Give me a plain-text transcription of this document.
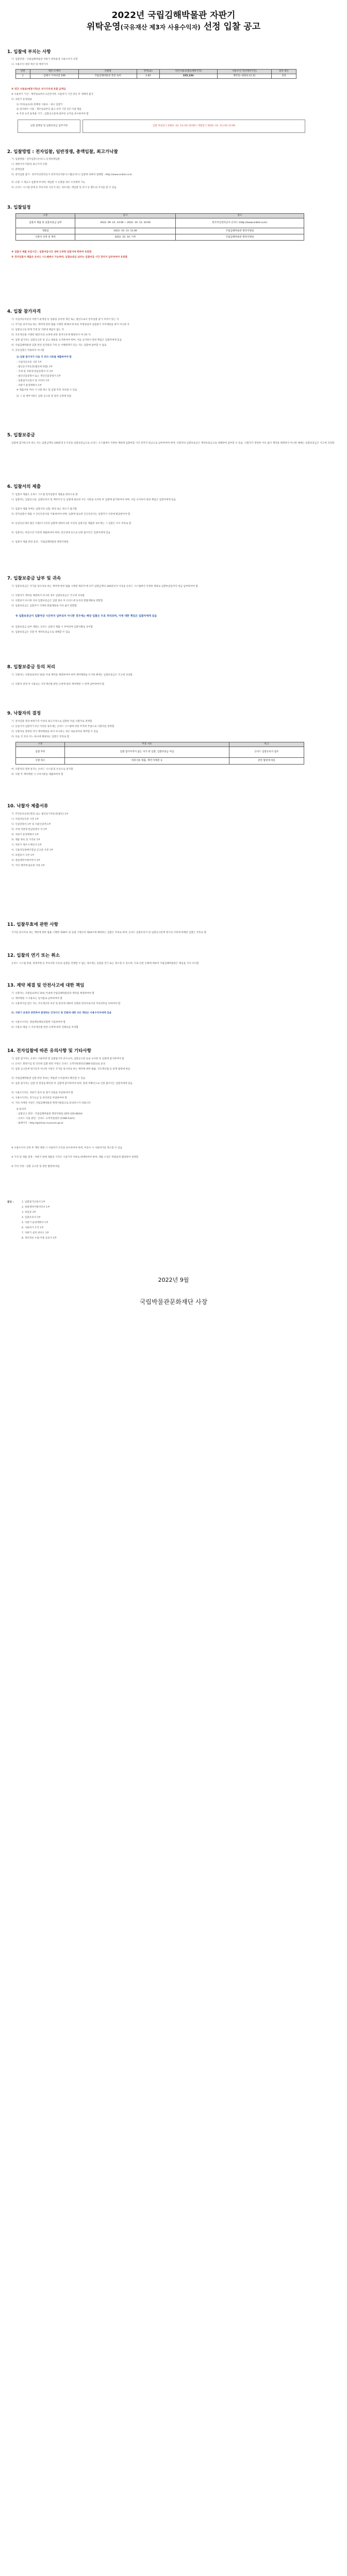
2022년 국립김해박물관 자판기
위탁운영(국유재산 제3자 사용수익자) 선정 입찰 공고
1. 입찰에 부치는 사항
가. 입찰건명 : 국립김해박물관 자판기 위탁운영 사용수익자 선정
나. 사용수익 대상 재산 및 예정가격
연번	재산 소재지	건물명	면적(㎡)	연간사용료(원)(예정가격)	사용수익기간(계약기간)	설치 대수
1	김해시 가야의길 190	국립김해박물관 본관 로비	2.82	325,236	계약일~2023.12.31	2대
※ 연간 사용료(예정가격)은 부가가치세 포함 금액임
※ 사용허가 기간 : 계약일로부터 1년간이며, 사용허가 기간 만료 후 재계약 불가
다. 자판기 운영내용
1) 커피(음료)류 판매의 사용료 : 최고 입찰가
2) 설치대수 사용 : 제조일로부터 출고 년차 기준 3년 이내 제품
※ 지정 규격 운영용 기기 : 입찰공고문에 첨부된 규격을 준수하여야 함
입찰 집행일 및 입찰보증금 납부기한	입찰 마감일시 2022. 10. 13.(목) 10:00 / 개찰일시 2022. 10. 13.(목) 11:00
2. 입찰방법 : 전자입찰, 일반경쟁, 총액입찰, 최고가낙찰
가. 입찰방법 : 전자입찰 [온비드] 공개경쟁입찰
나. 예정가격 미만의 최고가격 낙찰
다. 총액입찰
라. 전자입찰 참가 : 한국자산관리공사 전자자산처분시스템(온비드) 입찰에 의하여 집행함 : http://www.onbid.co.kr
마. 유찰 시 재공고 입찰에 부치며, 재입찰 시 유찰될 경우 수의계약 가능
바. 온비드 시스템 장애 등 부득이한 사유가 있는 경우에는 재입찰 및 연기 등 별도의 조치를 할 수 있음
3. 입찰일정
구분	일시	장소
입찰서 제출 및 입찰보증금 납부	2022. 09. 23. 14:00 ~ 2022. 10. 13. 10:00	한국자산관리공사 온비드 (http://www.onbid.co.kr)
개찰일	2022. 10. 13. 11:00	국립김해박물관 행정지원팀
낙찰자 선정 및 계약	2022. 10. 14. 이후	국립김해박물관 행정지원팀
※ 입찰서 제출 마감시간 : 입찰마감시간 내에 도착한 입찰서에 한하여 유효함
※ 전자입찰서 제출은 온비드 시스템에서 가능하며, 입찰보증금 납부는 입찰마감 시간 전까지 납부하여야 유효함
4. 입찰 참가자격
가. 사업자등록증상 자판기 운영업 등 업종을 등록한 개인 또는 법인으로서 전자입찰 참가 자격이 있는 자
나. 국가를 당사자로 하는 계약에 관한 법률 시행령 제76조에 따른 부정당업자 입찰참가 자격제한을 받지 아니한 자
다. 입찰공고일 현재 국세 및 지방세 체납이 없는 자
라. 국유재산법 시행령 제27조의 규정에 의한 결격사유에 해당하지 아니한 자
마. 입찰 참가자는 입찰공고문 및 공고 내용을 숙지하여야 하며, 이를 숙지하지 못한 책임은 입찰자에게 있음
바. 국립김해박물관 입찰 관련 임직원의 가족 등 이해관계가 있는 자는 입찰에 참여할 수 없음
사. 공동입찰은 허용하지 아니함
1) 입찰 참가자가 다음 각 호의 서류를 제출하여야 함
- 사업자등록증 사본 1부
- 법인등기부등본(법인에 한함) 1부
- 국세 및 지방세 완납증명서 각 1부
- 법인인감증명서 또는 개인인감증명서 1부
- 입찰참가신청서 및 서약서 1부
- 자판기 운영계획서 1부
※ 제출서류 미비 시 낙찰 취소 및 입찰 무효 처리될 수 있음
2) 그 외 세부사항은 입찰 공고문 및 관련 규정에 따름
5. 입찰보증금
입찰에 참가하고자 하는 자는 입찰금액의 100분의 5 이상을 입찰보증금으로 온비드 시스템에서 지정한 계좌에 입찰마감 시간 전까지 현금으로 납부하여야 하며, 낙찰자의 입찰보증금은 계약보증금으로 대체하여 납부할 수 있음. 낙찰자가 정당한 이유 없이 계약을 체결하지 아니한 때에는 입찰보증금은 국고에 귀속함
6. 입찰서의 제출
가. 입찰서 제출은 온비드 시스템 전자입찰서 제출을 원칙으로 함
나. 입찰자는 입찰공고문, 입찰유의서 및 계약조건 등 입찰에 필요한 모든 사항을 숙지한 후 입찰에 참가하여야 하며, 이를 숙지하지 못한 책임은 입찰자에게 있음
다. 입찰서 제출 후에는 입찰서의 교환, 변경 또는 취소가 불가함
라. 전자입찰서 제출 시 공인인증서를 이용하여야 하며, 입찰에 필요한 공인인증서는 입찰자가 사전에 발급받아야 함
마. 동일인(1개의 법인 포함)이 1건의 입찰에 대하여 2통 이상의 입찰서를 제출한 경우에는 그 입찰은 모두 무효로 함
바. 입찰서는 마감시간 이전에 제출하여야 하며, 전산장애 등으로 인한 불이익은 입찰자에게 있음
사. 입찰서 제출 관련 문의 : 국립김해박물관 행정지원팀
7. 입찰보증금 납부 및 귀속
가. 입찰보증금은 국가를 당사자로 하는 계약에 관한 법률 시행령 제37조에 의거 입찰금액의 100분의 5 이상을 온비드 시스템에서 지정한 계좌로 입찰마감일까지 현금 납부하여야 함
나. 낙찰자가 계약을 체결하지 아니한 경우 입찰보증금은 국고에 귀속함
다. 낙찰되지 아니한 자의 입찰보증금은 입찰 종료 후 온비드에 등록된 환불계좌로 반환함
라. 입찰보증금은 입찰자가 지정한 환불계좌로 이자 없이 반환함
※ 입찰보증금이 입찰마감 시간까지 납부되지 아니한 경우에는 해당 입찰은 무효 처리되며, 이에 대한 책임은 입찰자에게 있음
마. 입찰보증금 납부 계좌는 온비드 입찰서 제출 시 부여되며 입찰자별로 상이함
바. 입찰보증금은 낙찰 후 계약보증금으로 대체할 수 있음
8. 입찰보증금 등의 처리
가. 낙찰자는 낙찰일로부터 10일 이내 계약을 체결하여야 하며 계약체결을 포기한 때에는 입찰보증금은 국고에 귀속함
나. 낙찰자 결정 후 사용료는 국유재산법 관련 규정에 따라 계약체결 시 전액 납부하여야 함
9. 낙찰자의 결정
가. 전자입찰 결과 예정가격 이상의 최고가격으로 입찰한 자를 낙찰자로 결정함
나. 동일가격 입찰자가 2인 이상일 경우에는 온비드 시스템에 의한 무작위 추첨으로 낙찰자를 결정함
다. 낙찰자로 결정된 자가 계약체결을 하지 아니하는 경우 차순위자와 계약할 수 있음
라. 다음 각 호의 어느 하나에 해당하는 입찰은 무효로 함
구분	무효 사유	비고
입찰 무효	입찰 참가자격이 없는 자가 한 입찰, 입찰보증금 미납	온비드 입찰유의서 참조
낙찰 취소	허위서류 제출, 계약 미체결 등	관련 법령에 따름
마. 낙찰자의 결정 통지는 온비드 시스템 및 유선으로 통지함
바. 낙찰 후 계약체결 시 구비서류를 제출하여야 함
10. 낙찰자 제출서류
가. 주민등록등본(개인) 또는 법인등기부등본(법인) 1부
나. 사업자등록증 사본 1부
다. 인감증명서 1부 및 사용인감계 1부
라. 국세·지방세 완납증명서 각 1부
마. 자판기 운영계획서 1부
바. 제품 목록 및 가격표 1부
사. 자판기 제조사 확인서 1부
아. 식품자동판매기영업 신고증 사본 1부
자. 보험증서 사본 1부
차. 청렴계약이행서약서 1부
카. 기타 계약에 필요한 서류 1부
11. 입찰무효에 관한 사항
국가를 당사자로 하는 계약에 관한 법률 시행령 제39조 및 동법 시행규칙 제44조에 해당하는 입찰은 무효로 하며, 온비드 입찰유의서 및 입찰공고문에 명시된 사항에 위배된 입찰은 무효로 함
12. 입찰의 연기 또는 취소
온비드 시스템 장애, 천재지변 등 부득이한 사유로 입찰을 진행할 수 없는 경우에는 입찰을 연기 또는 취소할 수 있으며, 이로 인한 손해에 대하여 국립김해박물관은 책임을 지지 아니함
13. 계약 체결 및 안전사고에 대한 책임
가. 낙찰자는 낙찰일로부터 10일 이내에 국립김해박물관과 계약을 체결하여야 함
나. 계약체결 시 사용료는 일시불로 납부하여야 함
다. 사용허가를 받은 자는 국유재산의 보존 및 관리에 대하여 선량한 관리자로서의 주의의무를 다하여야 함
라. 자판기 운영과 관련하여 발생하는 안전사고 및 민원에 대한 모든 책임은 사용수익자에게 있음
마. 사용수익자는 영업배상책임보험에 가입하여야 함
바. 사용료 체납 시 국유재산법 관련 규정에 따라 연체료를 부과함
14. 전자입찰에 따른 유의사항 및 기타사항
가. 입찰 참가자는 온비드 이용약관 및 입찰참가자 준수규칙, 입찰공고문 등을 숙지한 후 입찰에 참가하여야 함
나. 온비드 회원가입 및 인터넷 입찰 관련 사항은 온비드 고객지원센터(1588-5321)로 문의
다. 입찰 공고문에 명시되지 아니한 사항은 국가를 당사자로 하는 계약에 관한 법률, 국유재산법 등 관계 법령에 따름
라. 국립김해박물관 입찰 관련 정보는 박물관 누리집에서 확인할 수 있음
마. 입찰 참가자는 입찰 전 현장을 확인한 후 입찰에 참가하여야 하며, 현장 미확인으로 인한 불이익은 입찰자에게 있음
바. 사용수익자는 자판기 설치 및 철거 비용을 부담하여야 함
사. 사용수익자는 전기요금 등 관리비를 부담하여야 함
아. 기타 자세한 사항은 국립김해박물관 행정지원팀으로 문의하시기 바랍니다
※ 문의처
- 입찰공고 관련 : 국립김해박물관 행정지원팀 (055-320-6834)
- 온비드 이용 관련 : 온비드 고객지원센터 (1588-5321)
- 홈페이지 : http://gimhae.museum.go.kr
※ 사용수익자 선정 후 계약 체결 시 사용허가 조건을 준수하여야 하며, 미준수 시 사용허가를 취소할 수 있음
※ 가격 및 제품 결정 : 자판기 판매 제품의 가격은 시중가격 이하로 판매하여야 하며, 제품 구성은 박물관과 협의하여 결정함
※ 기타 사항 : 입찰 공고문 및 관련 법령에 따름
붙임 :	1. 입찰참가신청서 1부
2. 청렴계약이행서약서 1부
3. 위임장 1부
4. 입찰유의서 1부
5. 자판기 운영계획서 1부
6. 사용허가 조건 1부
7. 자판기 설치 위치도 1부
8. 개인정보 수집·이용 동의서 1부
2022년 9월
국립박물관문화재단 사장
